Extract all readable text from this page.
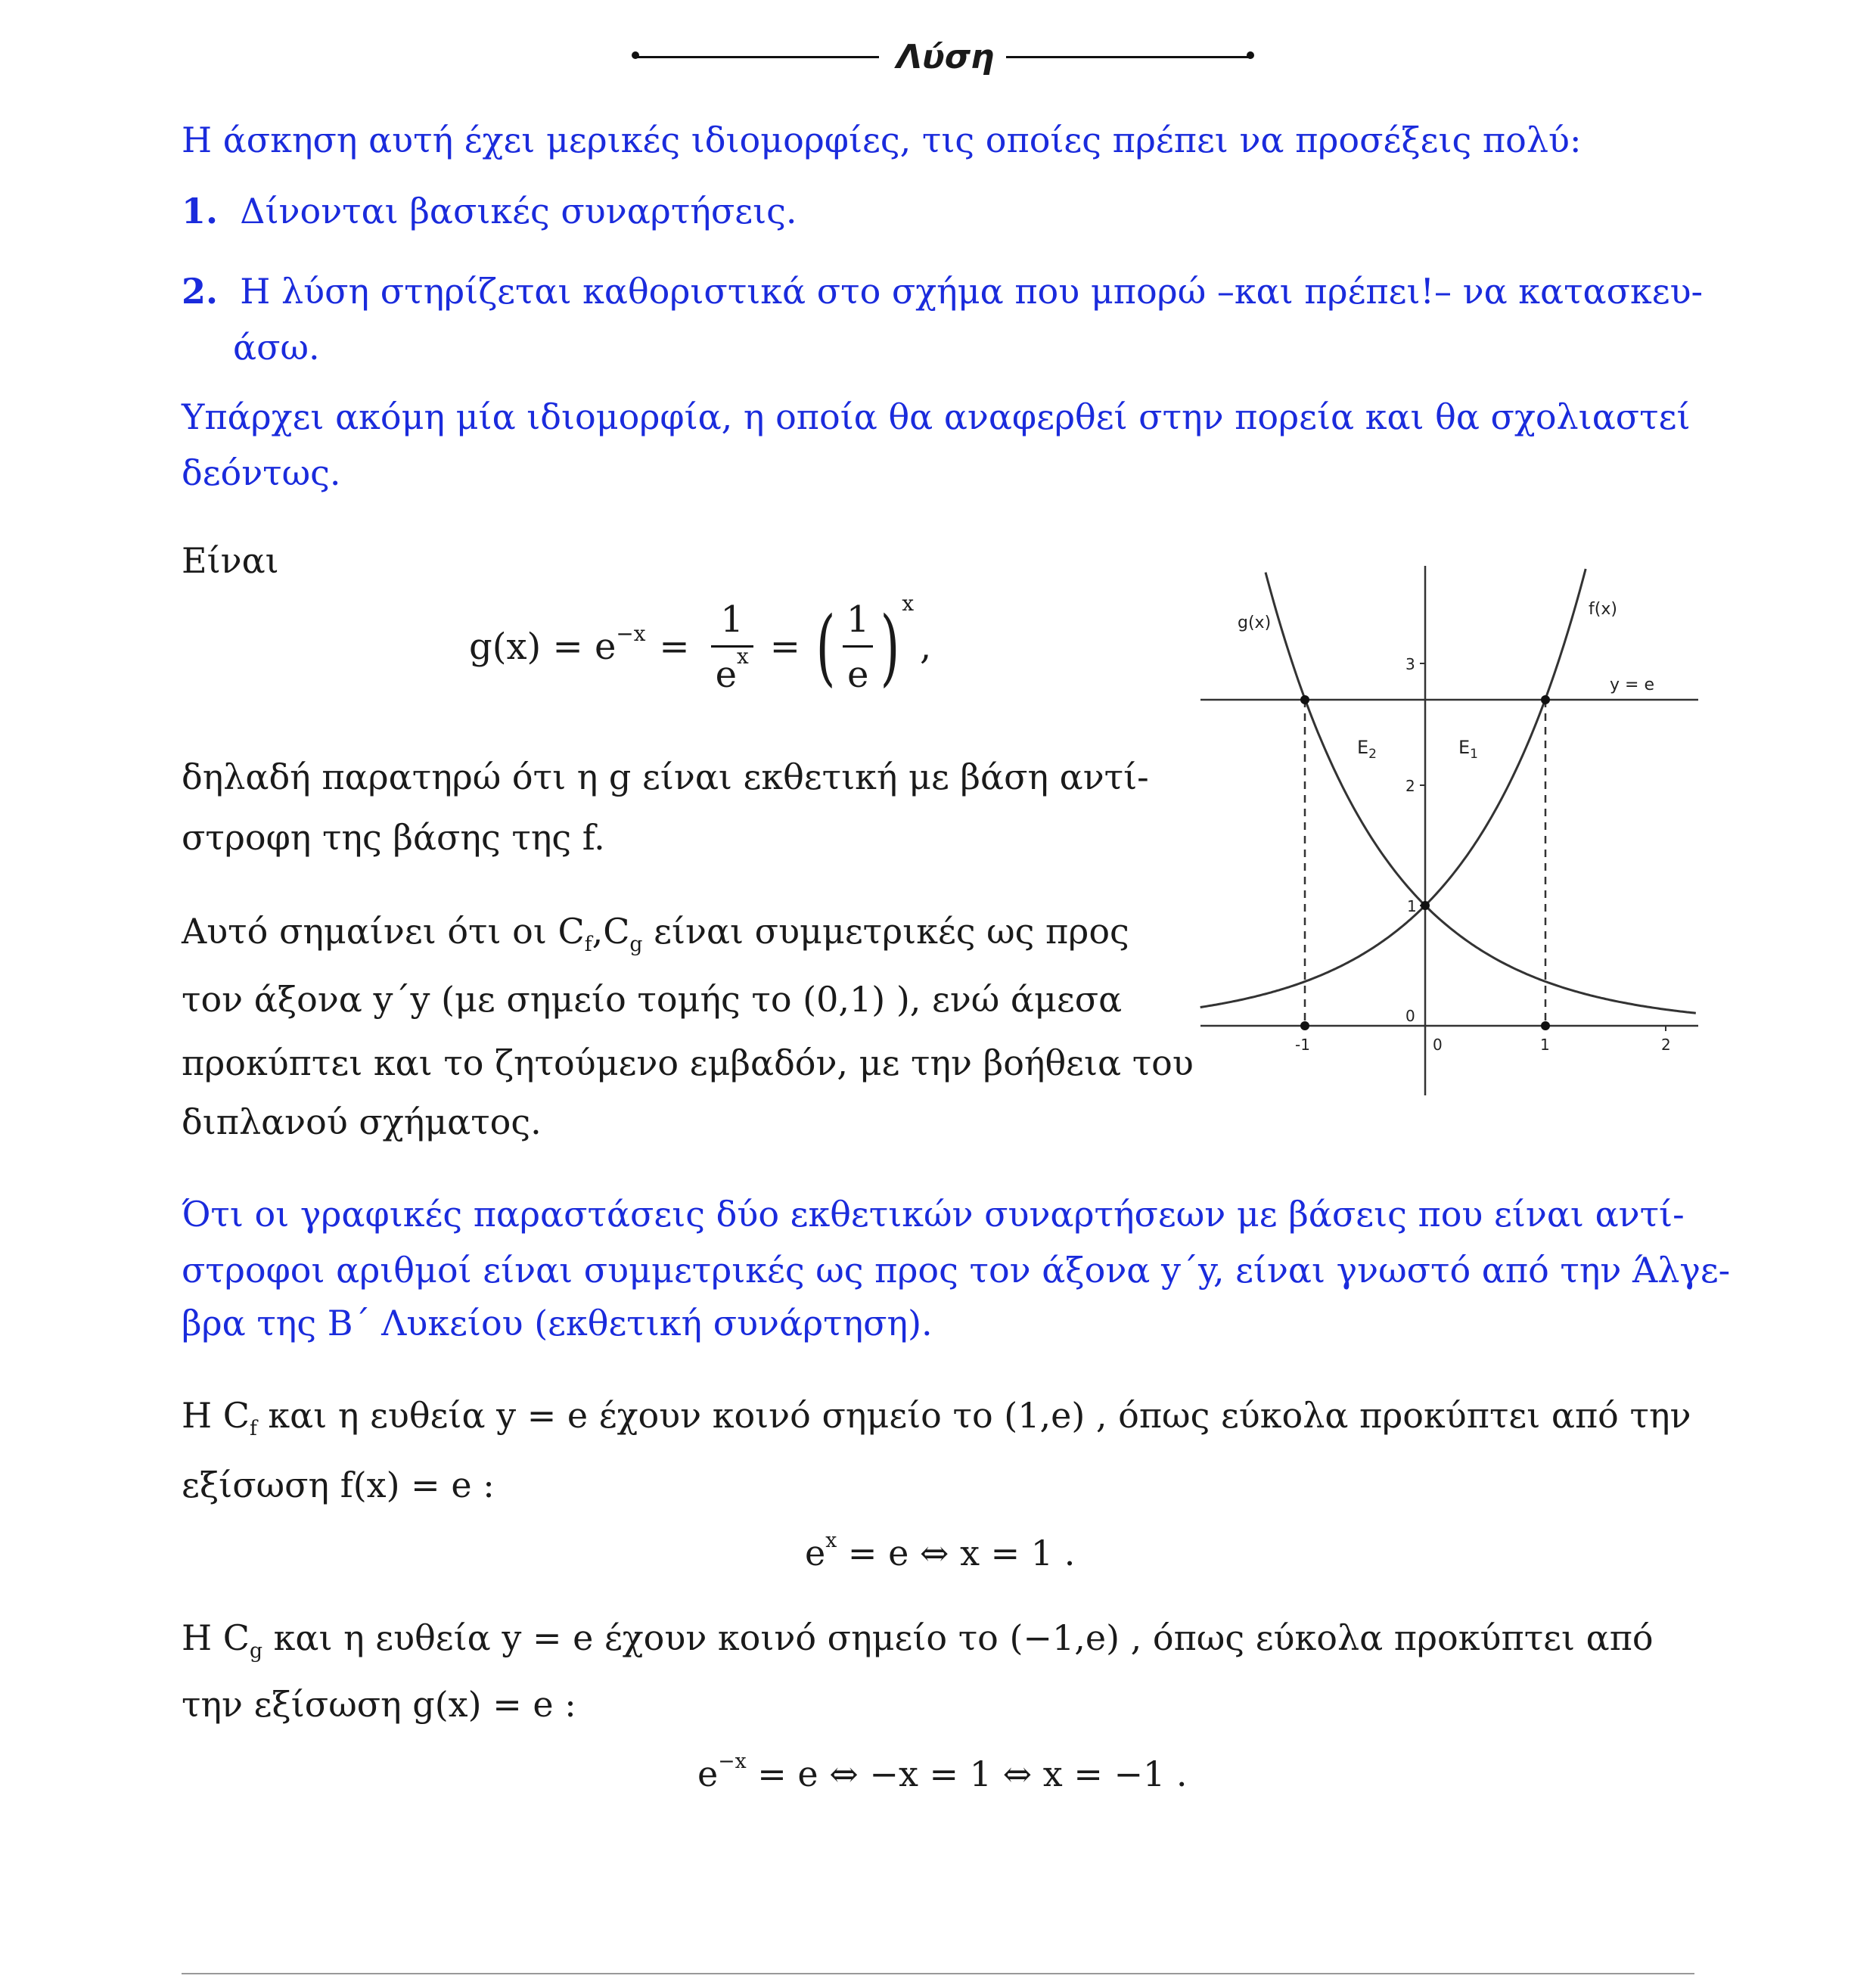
Λύση
Η άσκηση αυτή έχει μερικές ιδιομορφίες, τις οποίες πρέπει να προσέξεις πολύ:
1. Δίνονται βασικές συναρτήσεις.
2. Η λύση στηρίζεται καθοριστικά στο σχήμα που μπορώ –και πρέπει!– να κατασκευ-
άσω.
Υπάρχει ακόμη μία ιδιομορφία, η οποία θα αναφερθεί στην πορεία και θα σχολιαστεί
δεόντως.
Είναι
$g(x) = e^{-x} = \frac{1}{e^x}$ = ( $\frac{1}{e} )^x$
,
δηλαδή παρατηρώ ότι η g είναι εκθετική με βάση αντί-
στροφη της βάσης της f.
Αυτό σημαίνει ότι οι $C_f,C_g$ είναι συμμετρικές ως προς
τον άξονα y΄y (με σημείο τομής το (0,1) ), ενώ άμεσα
προκύπτει και το ζητούμενο εμβαδόν, με την βοήθεια του
διπλανού σχήματος.
g(x)
f(x)
y = e
$E_2$	$E_1$
3
2
1
0
-1	0	1	2
Ότι οι γραφικές παραστάσεις δύο εκθετικών συναρτήσεων με βάσεις που είναι αντί-
στροφοι αριθμοί είναι συμμετρικές ως προς τον άξονα y΄y, είναι γνωστό από την Άλγε-
βρα της Β΄ Λυκείου (εκθετική συνάρτηση).
Η $C_f$ και η ευθεία y = e έχουν κοινό σημείο το (1,e) , όπως εύκολα προκύπτει από την
εξίσωση f(x) = e :
$e^x = e$ ⇔ x = 1 .
Η $C_g$ και η ευθεία y = e έχουν κοινό σημείο το (−1,e) , όπως εύκολα προκύπτει από
την εξίσωση g(x) = e :
$e^{-x} = e$ ⇔ −x = 1 ⇔ x = −1 .
